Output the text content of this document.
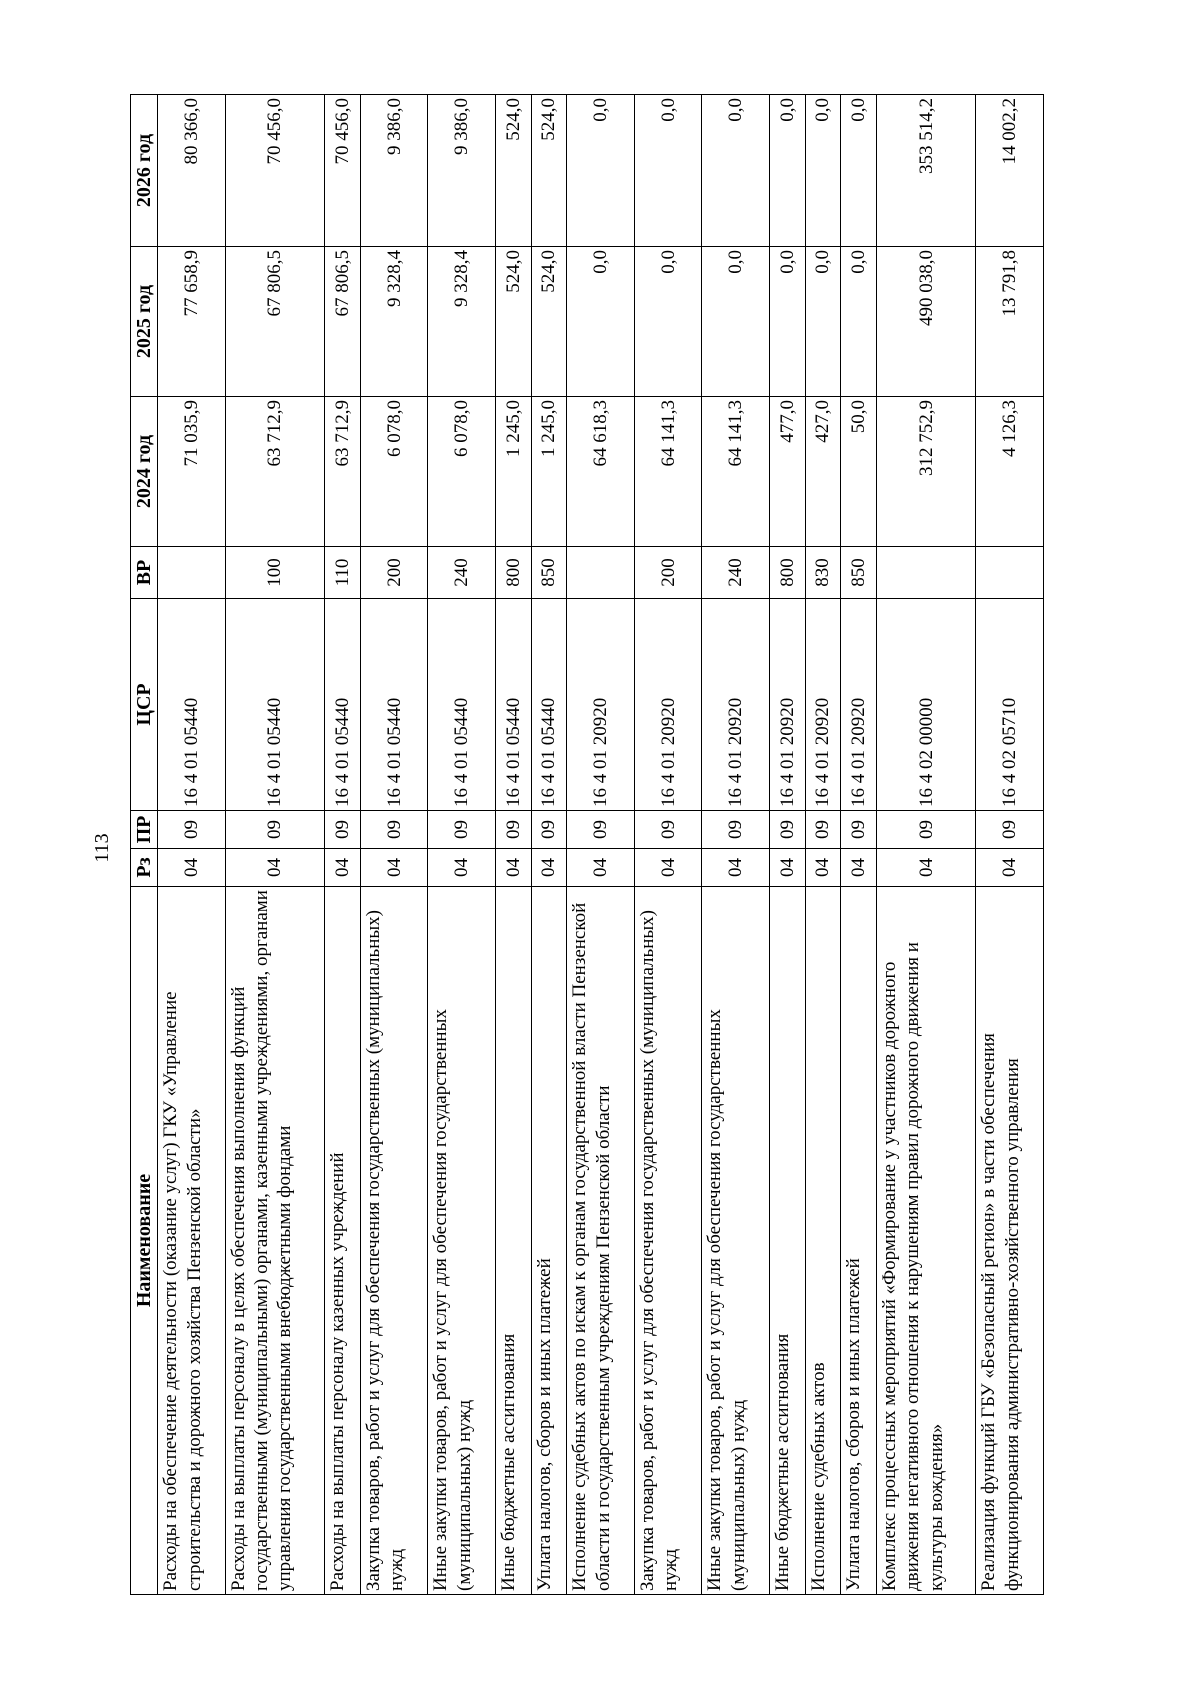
113
Наименование	Рз	ПР	ЦСР	ВР	2024 год	2025 год	2026 год
Расходы на обеспечение деятельности (оказание услуг) ГКУ «Управление строительства и дорожного хозяйства Пензенской области»	04	09	16 4 01 05440		71 035,9	77 658,9	80 366,0
Расходы на выплаты персоналу в целях обеспечения выполнения функций государственными (муниципальными) органами, казенными учреждениями, органами управления государственными внебюджетными фондами	04	09	16 4 01 05440	100	63 712,9	67 806,5	70 456,0
Расходы на выплаты персоналу казенных учреждений	04	09	16 4 01 05440	110	63 712,9	67 806,5	70 456,0
Закупка товаров, работ и услуг для обеспечения государственных (муниципальных) нужд	04	09	16 4 01 05440	200	6 078,0	9 328,4	9 386,0
Иные закупки товаров, работ и услуг для обеспечения государственных (муниципальных) нужд	04	09	16 4 01 05440	240	6 078,0	9 328,4	9 386,0
Иные бюджетные ассигнования	04	09	16 4 01 05440	800	1 245,0	524,0	524,0
Уплата налогов, сборов и иных платежей	04	09	16 4 01 05440	850	1 245,0	524,0	524,0
Исполнение судебных актов по искам к органам государственной власти Пензенской области и государственным учреждениям Пензенской области	04	09	16 4 01 20920		64 618,3	0,0	0,0
Закупка товаров, работ и услуг для обеспечения государственных (муниципальных) нужд	04	09	16 4 01 20920	200	64 141,3	0,0	0,0
Иные закупки товаров, работ и услуг для обеспечения государственных (муниципальных) нужд	04	09	16 4 01 20920	240	64 141,3	0,0	0,0
Иные бюджетные ассигнования	04	09	16 4 01 20920	800	477,0	0,0	0,0
Исполнение судебных актов	04	09	16 4 01 20920	830	427,0	0,0	0,0
Уплата налогов, сборов и иных платежей	04	09	16 4 01 20920	850	50,0	0,0	0,0
Комплекс процессных мероприятий «Формирование у участников дорожного движения негативного отношения к нарушениям правил дорожного движения и культуры вождения»	04	09	16 4 02 00000		312 752,9	490 038,0	353 514,2
Реализация функций ГБУ «Безопасный регион» в части обеспечения функционирования административно-хозяйственного управления	04	09	16 4 02 05710		4 126,3	13 791,8	14 002,2
